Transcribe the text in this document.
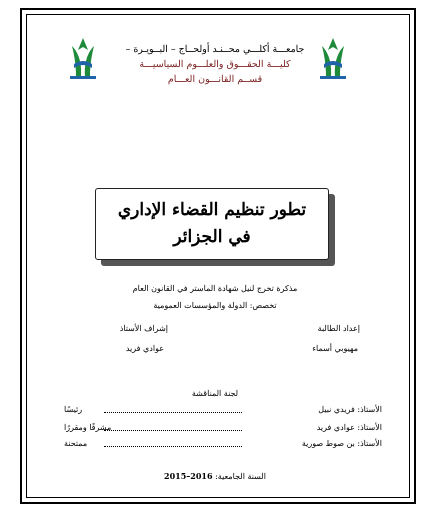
جامعـــة أكلـــي محــنـد أولحــاج – البــويـرة –
كليـــة الحقـــوق والعلـــوم السياسيـــة
قســم القانـــون العـــام
تطور تنظيم القضاء الإداري
في الجزائر
مذكرة تخرج لنيل شهادة الماستر في القانون العام
تخصص: الدولة والمؤسسات العمومية
إعداد الطالبة
مهيوبي أسماء
إشراف الأستاذ
عوادي فريد
لجنة المناقشة
الأستاذ: فريدي نبيل
رئيسًا
الأستاذ: عوادي فريد
مشرفًا ومقررًا
الأستاذ: بن صوط صورية
ممتحنة
السنة الجامعية: 2016–2015
